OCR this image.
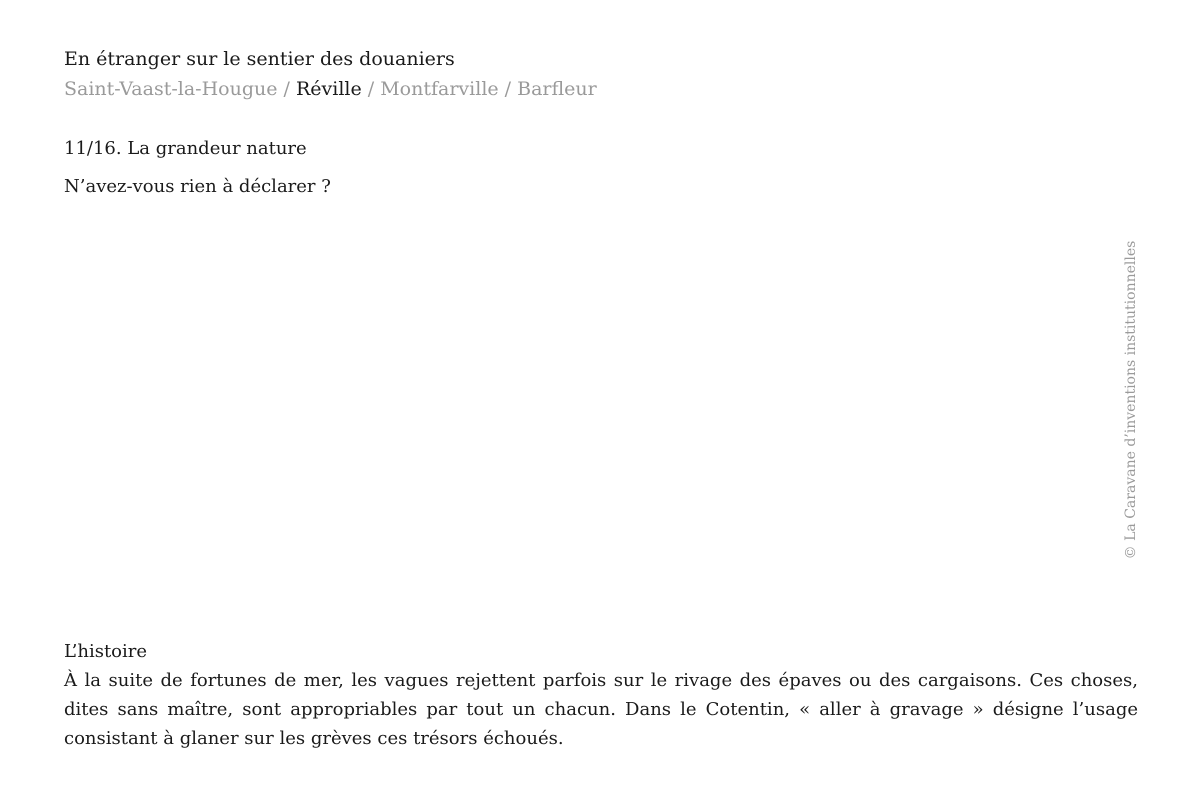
En étranger sur le sentier des douaniers
Saint-Vaast-la-Hougue / Réville / Montfarville / Barfleur
11/16. La grandeur nature
N’avez-vous rien à déclarer ?
© La Caravane d’inventions institutionnelles
L’histoire

À la suite de fortunes de mer, les vagues rejettent parfois sur le rivage des épaves ou des cargaisons. Ces choses, dites sans maître, sont appropriables par tout un chacun. Dans le Cotentin, « aller à gravage » désigne l’usage consistant à glaner sur les grèves ces trésors échoués.
